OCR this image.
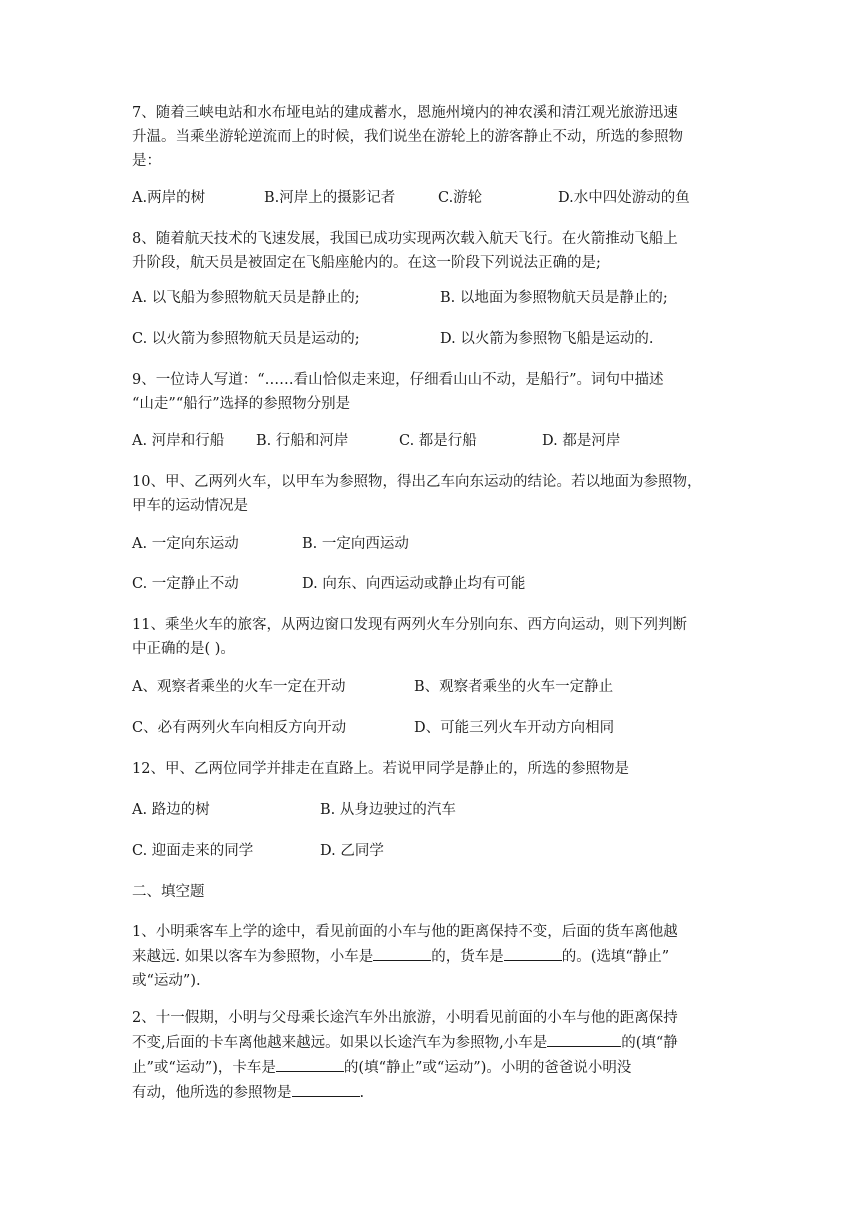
7、随着三峡电站和水布垭电站的建成蓄水，恩施州境内的神农溪和清江观光旅游迅速
升温。当乘坐游轮逆流而上的时候，我们说坐在游轮上的游客静止不动，所选的参照物
是：
A.两岸的树	B.河岸上的摄影记者	C.游轮	D.水中四处游动的鱼
8、随着航天技术的飞速发展，我国已成功实现两次载入航天飞行。在火箭推动飞船上
升阶段，航天员是被固定在飞船座舱内的。在这一阶段下列说法正确的是;
A. 以飞船为参照物航天员是静止的;	B. 以地面为参照物航天员是静止的;
C. 以火箭为参照物航天员是运动的;	D. 以火箭为参照物飞船是运动的.
9、一位诗人写道：“……看山恰似走来迎，仔细看山山不动，是船行”。词句中描述
“山走”“船行”选择的参照物分别是
A. 河岸和行船 B. 行船和河岸	C. 都是行船	D. 都是河岸
10、甲、乙两列火车，以甲车为参照物，得出乙车向东运动的结论。若以地面为参照物，
甲车的运动情况是
A. 一定向东运动	B. 一定向西运动
C. 一定静止不动	D. 向东、向西运动或静止均有可能
11、乘坐火车的旅客，从两边窗口发现有两列火车分别向东、西方向运动，则下列判断
中正确的是( )。
A、观察者乘坐的火车一定在开动	B、观察者乘坐的火车一定静止
C、必有两列火车向相反方向开动	D、可能三列火车开动方向相同
12、甲、乙两位同学并排走在直路上。若说甲同学是静止的，所选的参照物是
A. 路边的树	B. 从身边驶过的汽车
C. 迎面走来的同学	D. 乙同学
二、填空题
1、小明乘客车上学的途中，看见前面的小车与他的距离保持不变，后面的货车离他越
来越远. 如果以客车为参照物，小车是	的，货车是	的。(选填“静止”
或“运动”).
2、十一假期，小明与父母乘长途汽车外出旅游，小明看见前面的小车与他的距离保持
不变,后面的卡车离他越来越远。如果以长途汽车为参照物,小车是	的(填“静
止”或“运动”)，卡车是	的(填“静止”或“运动”)。小明的爸爸说小明没
有动，他所选的参照物是	.
